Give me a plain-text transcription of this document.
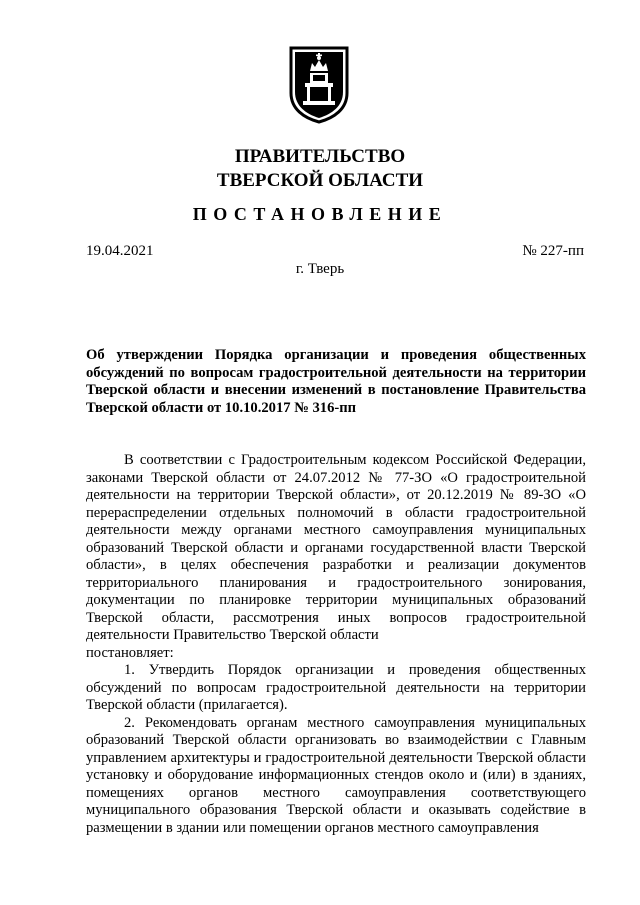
ПРАВИТЕЛЬСТВО
ТВЕРСКОЙ ОБЛАСТИ
ПОСТАНОВЛЕНИЕ
19.04.2021	№ 227-пп
г. Тверь
Об утверждении Порядка организации и проведения общественных обсуждений по вопросам градостроительной деятельности на территории Тверской области и внесении изменений в постановление Правительства Тверской области от 10.10.2017 № 316-пп

В соответствии с Градостроительным кодексом Российской Федерации, законами Тверской области от 24.07.2012 № 77-ЗО «О градостроительной деятельности на территории Тверской области», от 20.12.2019 № 89-ЗО «О перераспределении отдельных полномочий в области градостроительной деятельности между органами местного самоуправления муниципальных образований Тверской области и органами государственной власти Тверской области», в целях обеспечения разработки и реализации документов территориального планирования и градостроительного зонирования, документации по планировке территории муниципальных образований Тверской области, рассмотрения иных вопросов градостроительной деятельности Правительство Тверской области

постановляет:

1. Утвердить Порядок организации и проведения общественных обсуждений по вопросам градостроительной деятельности на территории Тверской области (прилагается).

2. Рекомендовать органам местного самоуправления муниципальных образований Тверской области организовать во взаимодействии с Главным управлением архитектуры и градостроительной деятельности Тверской области установку и оборудование информационных стендов около и (или) в зданиях, помещениях органов местного самоуправления соответствующего муниципального образования Тверской области и оказывать содействие в размещении в здании или помещении органов местного самоуправления
